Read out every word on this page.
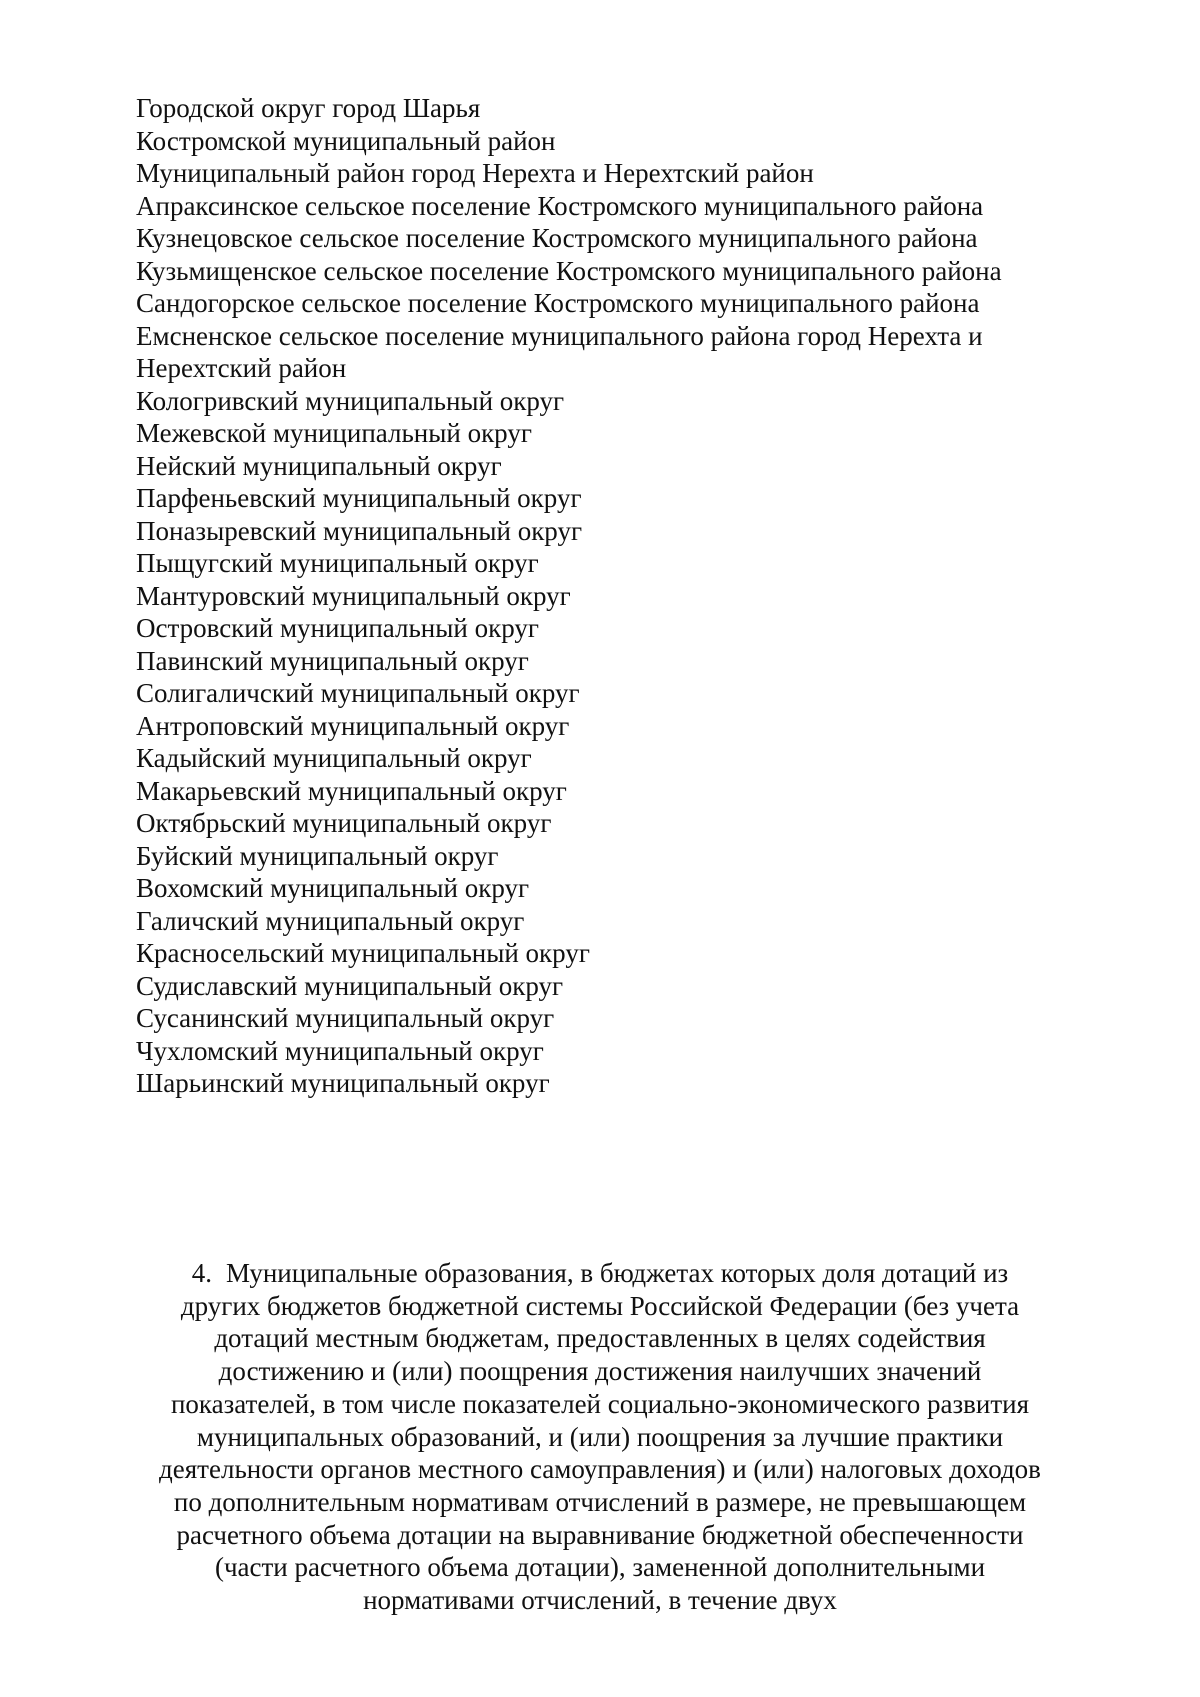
Городской округ город Шарья
Костромской муниципальный район
Муниципальный район город Нерехта и Нерехтский район
Апраксинское сельское поселение Костромского муниципального района
Кузнецовское сельское поселение Костромского муниципального района
Кузьмищенское сельское поселение Костромского муниципального района
Сандогорское сельское поселение Костромского муниципального района
Емсненское сельское поселение муниципального района город Нерехта и Нерехтский район
Кологривский муниципальный округ
Межевской муниципальный округ
Нейский муниципальный округ
Парфеньевский муниципальный округ
Поназыревский муниципальный округ
Пыщугский муниципальный округ
Мантуровский муниципальный округ
Островский муниципальный округ
Павинский муниципальный округ
Солигаличский муниципальный округ
Антроповский муниципальный округ
Кадыйский муниципальный округ
Макарьевский муниципальный округ
Октябрьский муниципальный округ
Буйский муниципальный округ
Вохомский муниципальный округ
Галичский муниципальный округ
Красносельский муниципальный округ
Судиславский муниципальный округ
Сусанинский муниципальный округ
Чухломский муниципальный округ
Шарьинский муниципальный округ

4. Муниципальные образования, в бюджетах которых доля дотаций из других бюджетов бюджетной системы Российской Федерации (без учета дотаций местным бюджетам, предоставленных в целях содействия достижению и (или) поощрения достижения наилучших значений показателей, в том числе показателей социально-экономического развития муниципальных образований, и (или) поощрения за лучшие практики деятельности органов местного самоуправления) и (или) налоговых доходов по дополнительным нормативам отчислений в размере, не превышающем расчетного объема дотации на выравнивание бюджетной обеспеченности (части расчетного объема дотации), замененной дополнительными нормативами отчислений, в течение двух
